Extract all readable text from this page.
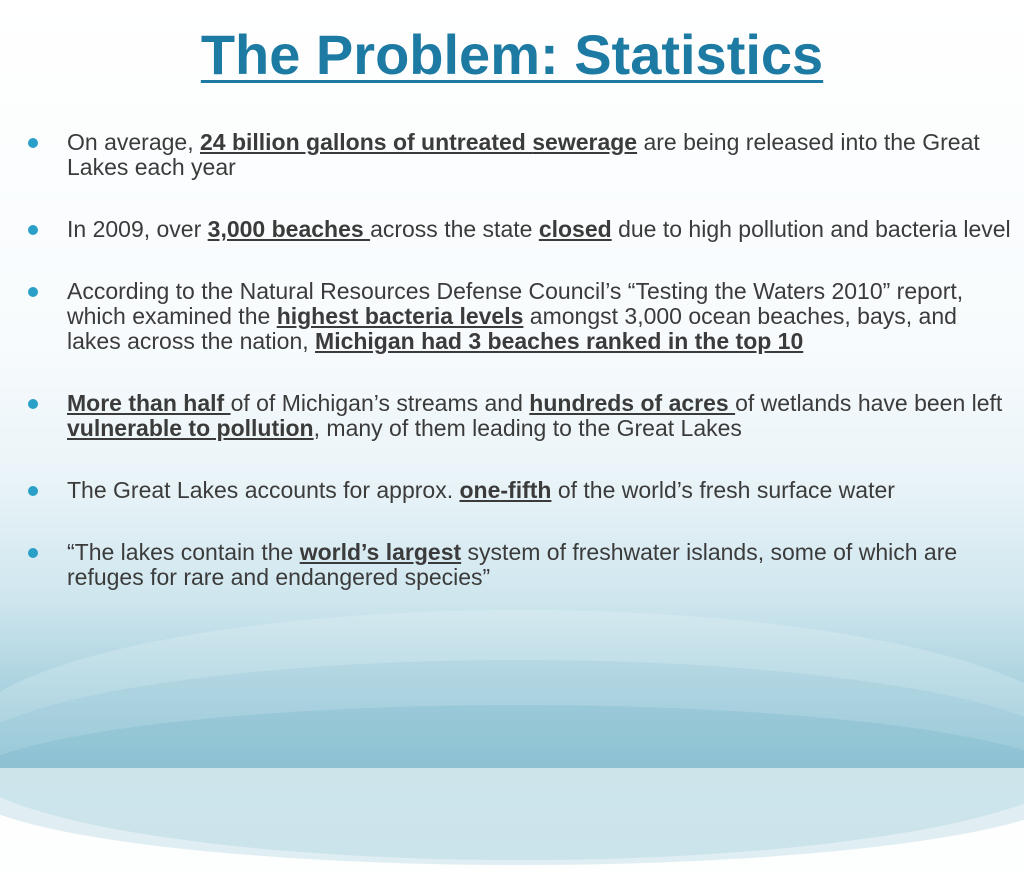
The Problem: Statistics
On average, 24 billion gallons of untreated sewerage are being released into the Great Lakes each year
In 2009, over 3,000 beaches across the state closed due to high pollution and bacteria level
According to the Natural Resources Defense Council’s “Testing the Waters 2010” report, which examined the highest bacteria levels amongst 3,000 ocean beaches, bays, and lakes across the nation, Michigan had 3 beaches ranked in the top 10
More than half of of Michigan’s streams and hundreds of acres of wetlands have been left vulnerable to pollution, many of them leading to the Great Lakes
The Great Lakes accounts for approx. one-fifth of the world’s fresh surface water
“The lakes contain the world’s largest system of freshwater islands, some of which are refuges for rare and endangered species”
